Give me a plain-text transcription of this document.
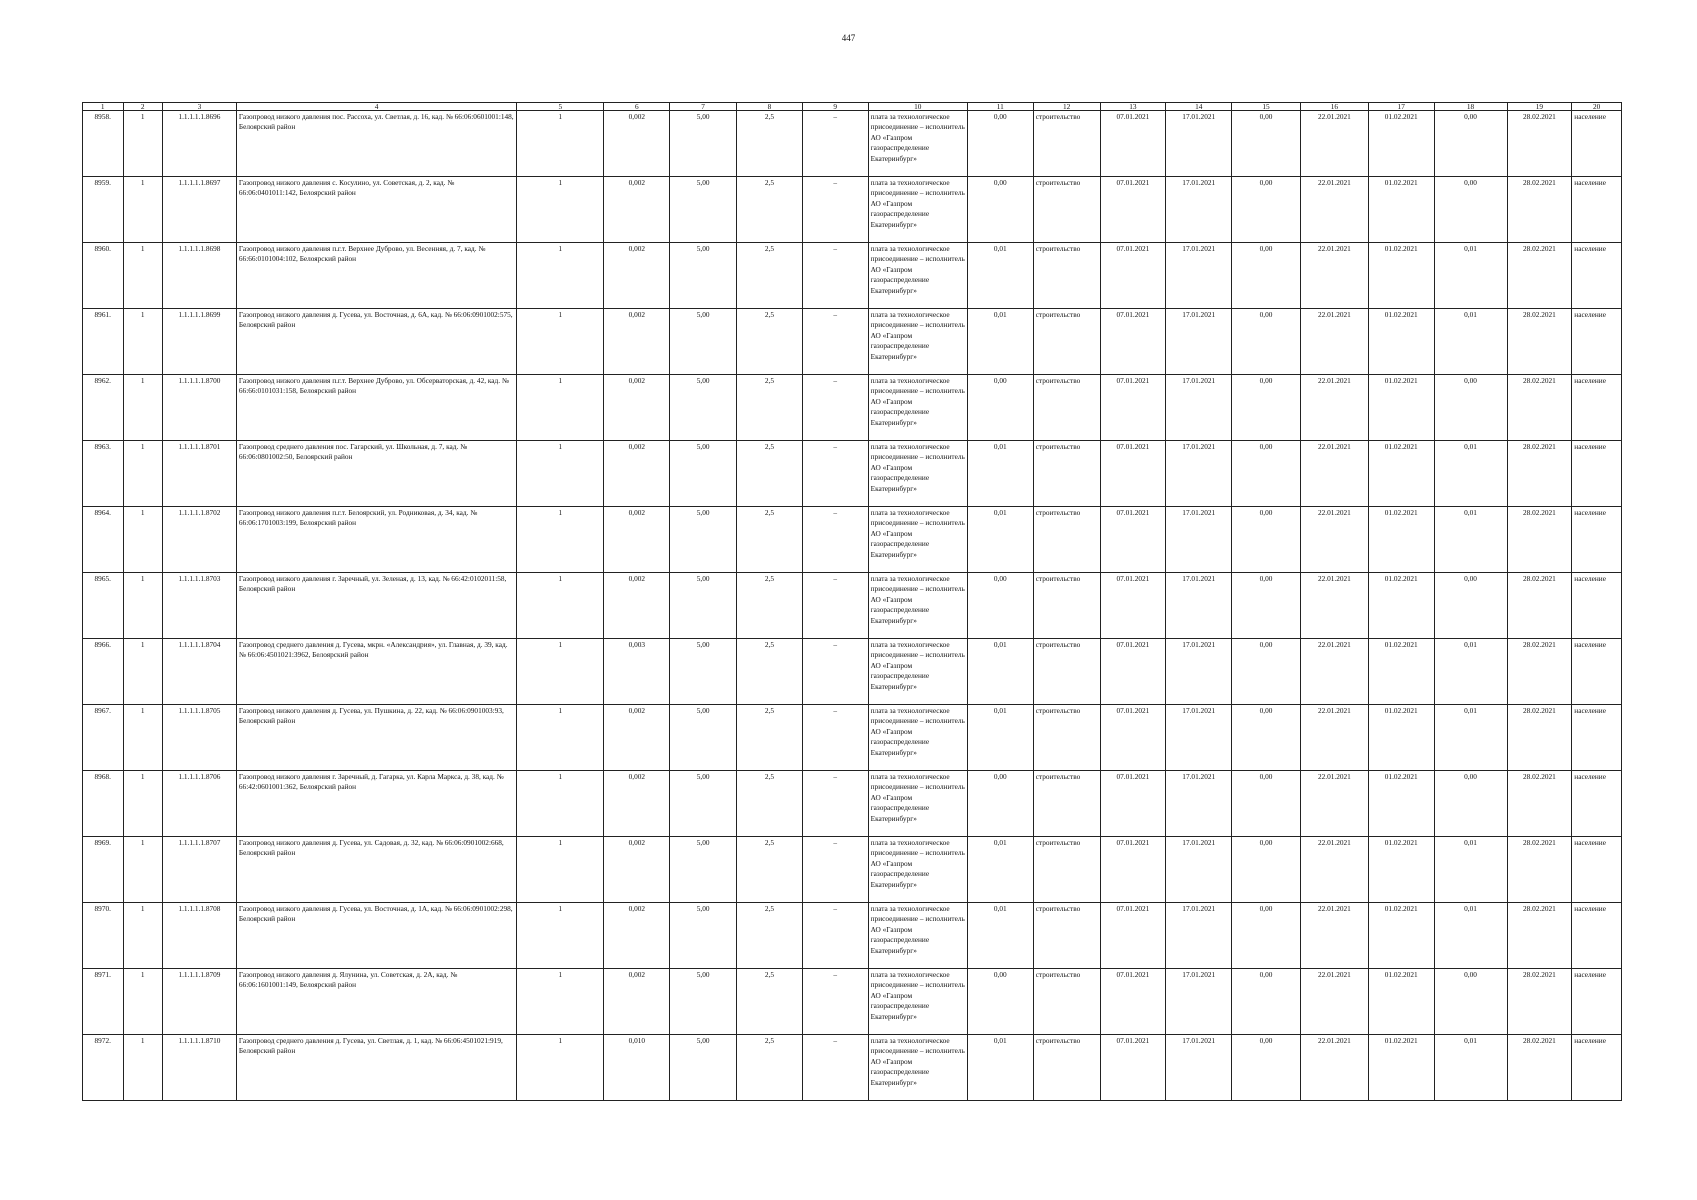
447
1	2	3	4	5	6	7	8	9	10	11	12	13	14	15	16	17	18	19	20
8958.	1	1.1.1.1.1.8696	Газопровод низкого давления пос. Рассоха, ул. Светлая, д. 16, кад. № 66:06:0601001:148, Белоярский район	1	0,002	5,00	2,5	–	плата за технологическое присоединение – исполнитель АО «Газпром газораспределение Екатеринбург»	0,00	строительство	07.01.2021	17.01.2021	0,00	22.01.2021	01.02.2021	0,00	28.02.2021	население
8959.	1	1.1.1.1.1.8697	Газопровод низкого давления с. Косулино, ул. Советская, д. 2, кад. № 66:06:0401011:142, Белоярский район	1	0,002	5,00	2,5	–	плата за технологическое присоединение – исполнитель АО «Газпром газораспределение Екатеринбург»	0,00	строительство	07.01.2021	17.01.2021	0,00	22.01.2021	01.02.2021	0,00	28.02.2021	население
8960.	1	1.1.1.1.1.8698	Газопровод низкого давления п.г.т. Верхнее Дуброво, ул. Весенняя, д. 7, кад. № 66:66:0101004:102, Белоярский район	1	0,002	5,00	2,5	–	плата за технологическое присоединение – исполнитель АО «Газпром газораспределение Екатеринбург»	0,01	строительство	07.01.2021	17.01.2021	0,00	22.01.2021	01.02.2021	0,01	28.02.2021	население
8961.	1	1.1.1.1.1.8699	Газопровод низкого давления д. Гусева, ул. Восточная, д. 6А, кад. № 66:06:0901002:575, Белоярский район	1	0,002	5,00	2,5	–	плата за технологическое присоединение – исполнитель АО «Газпром газораспределение Екатеринбург»	0,01	строительство	07.01.2021	17.01.2021	0,00	22.01.2021	01.02.2021	0,01	28.02.2021	население
8962.	1	1.1.1.1.1.8700	Газопровод низкого давления п.г.т. Верхнее Дуброво, ул. Обсерваторская, д. 42, кад. № 66:66:0101031:158, Белоярский район	1	0,002	5,00	2,5	–	плата за технологическое присоединение – исполнитель АО «Газпром газораспределение Екатеринбург»	0,00	строительство	07.01.2021	17.01.2021	0,00	22.01.2021	01.02.2021	0,00	28.02.2021	население
8963.	1	1.1.1.1.1.8701	Газопровод среднего давления пос. Гагарский, ул. Школьная, д. 7, кад. № 66:06:0801002:50, Белоярский район	1	0,002	5,00	2,5	–	плата за технологическое присоединение – исполнитель АО «Газпром газораспределение Екатеринбург»	0,01	строительство	07.01.2021	17.01.2021	0,00	22.01.2021	01.02.2021	0,01	28.02.2021	население
8964.	1	1.1.1.1.1.8702	Газопровод низкого давления п.г.т. Белоярский, ул. Родниковая, д. 34, кад. № 66:06:1701003:199, Белоярский район	1	0,002	5,00	2,5	–	плата за технологическое присоединение – исполнитель АО «Газпром газораспределение Екатеринбург»	0,01	строительство	07.01.2021	17.01.2021	0,00	22.01.2021	01.02.2021	0,01	28.02.2021	население
8965.	1	1.1.1.1.1.8703	Газопровод низкого давления г. Заречный, ул. Зеленая, д. 13, кад. № 66:42:0102011:58, Белоярский район	1	0,002	5,00	2,5	–	плата за технологическое присоединение – исполнитель АО «Газпром газораспределение Екатеринбург»	0,00	строительство	07.01.2021	17.01.2021	0,00	22.01.2021	01.02.2021	0,00	28.02.2021	население
8966.	1	1.1.1.1.1.8704	Газопровод среднего давления д. Гусева, мкрн. «Александрия», ул. Главная, д. 39, кад. № 66:06:4501021:3962, Белоярский район	1	0,003	5,00	2,5	–	плата за технологическое присоединение – исполнитель АО «Газпром газораспределение Екатеринбург»	0,01	строительство	07.01.2021	17.01.2021	0,00	22.01.2021	01.02.2021	0,01	28.02.2021	население
8967.	1	1.1.1.1.1.8705	Газопровод низкого давления д. Гусева, ул. Пушкина, д. 22, кад. № 66:06:0901003:93, Белоярский район	1	0,002	5,00	2,5	–	плата за технологическое присоединение – исполнитель АО «Газпром газораспределение Екатеринбург»	0,01	строительство	07.01.2021	17.01.2021	0,00	22.01.2021	01.02.2021	0,01	28.02.2021	население
8968.	1	1.1.1.1.1.8706	Газопровод низкого давления г. Заречный, д. Гагарка, ул. Карла Маркса, д. 38, кад. № 66:42:0601001:362, Белоярский район	1	0,002	5,00	2,5	–	плата за технологическое присоединение – исполнитель АО «Газпром газораспределение Екатеринбург»	0,00	строительство	07.01.2021	17.01.2021	0,00	22.01.2021	01.02.2021	0,00	28.02.2021	население
8969.	1	1.1.1.1.1.8707	Газопровод низкого давления д. Гусева, ул. Садовая, д. 32, кад. № 66:06:0901002:668, Белоярский район	1	0,002	5,00	2,5	–	плата за технологическое присоединение – исполнитель АО «Газпром газораспределение Екатеринбург»	0,01	строительство	07.01.2021	17.01.2021	0,00	22.01.2021	01.02.2021	0,01	28.02.2021	население
8970.	1	1.1.1.1.1.8708	Газопровод низкого давления д. Гусева, ул. Восточная, д. 1А, кад. № 66:06:0901002:298, Белоярский район	1	0,002	5,00	2,5	–	плата за технологическое присоединение – исполнитель АО «Газпром газораспределение Екатеринбург»	0,01	строительство	07.01.2021	17.01.2021	0,00	22.01.2021	01.02.2021	0,01	28.02.2021	население
8971.	1	1.1.1.1.1.8709	Газопровод низкого давления д. Ялунина, ул. Советская, д. 2А, кад. № 66:06:1601001:149, Белоярский район	1	0,002	5,00	2,5	–	плата за технологическое присоединение – исполнитель АО «Газпром газораспределение Екатеринбург»	0,00	строительство	07.01.2021	17.01.2021	0,00	22.01.2021	01.02.2021	0,00	28.02.2021	население
8972.	1	1.1.1.1.1.8710	Газопровод среднего давления д. Гусева, ул. Светлая, д. 1, кад. № 66:06:4501021:919, Белоярский район	1	0,010	5,00	2,5	–	плата за технологическое присоединение – исполнитель АО «Газпром газораспределение Екатеринбург»	0,01	строительство	07.01.2021	17.01.2021	0,00	22.01.2021	01.02.2021	0,01	28.02.2021	население
